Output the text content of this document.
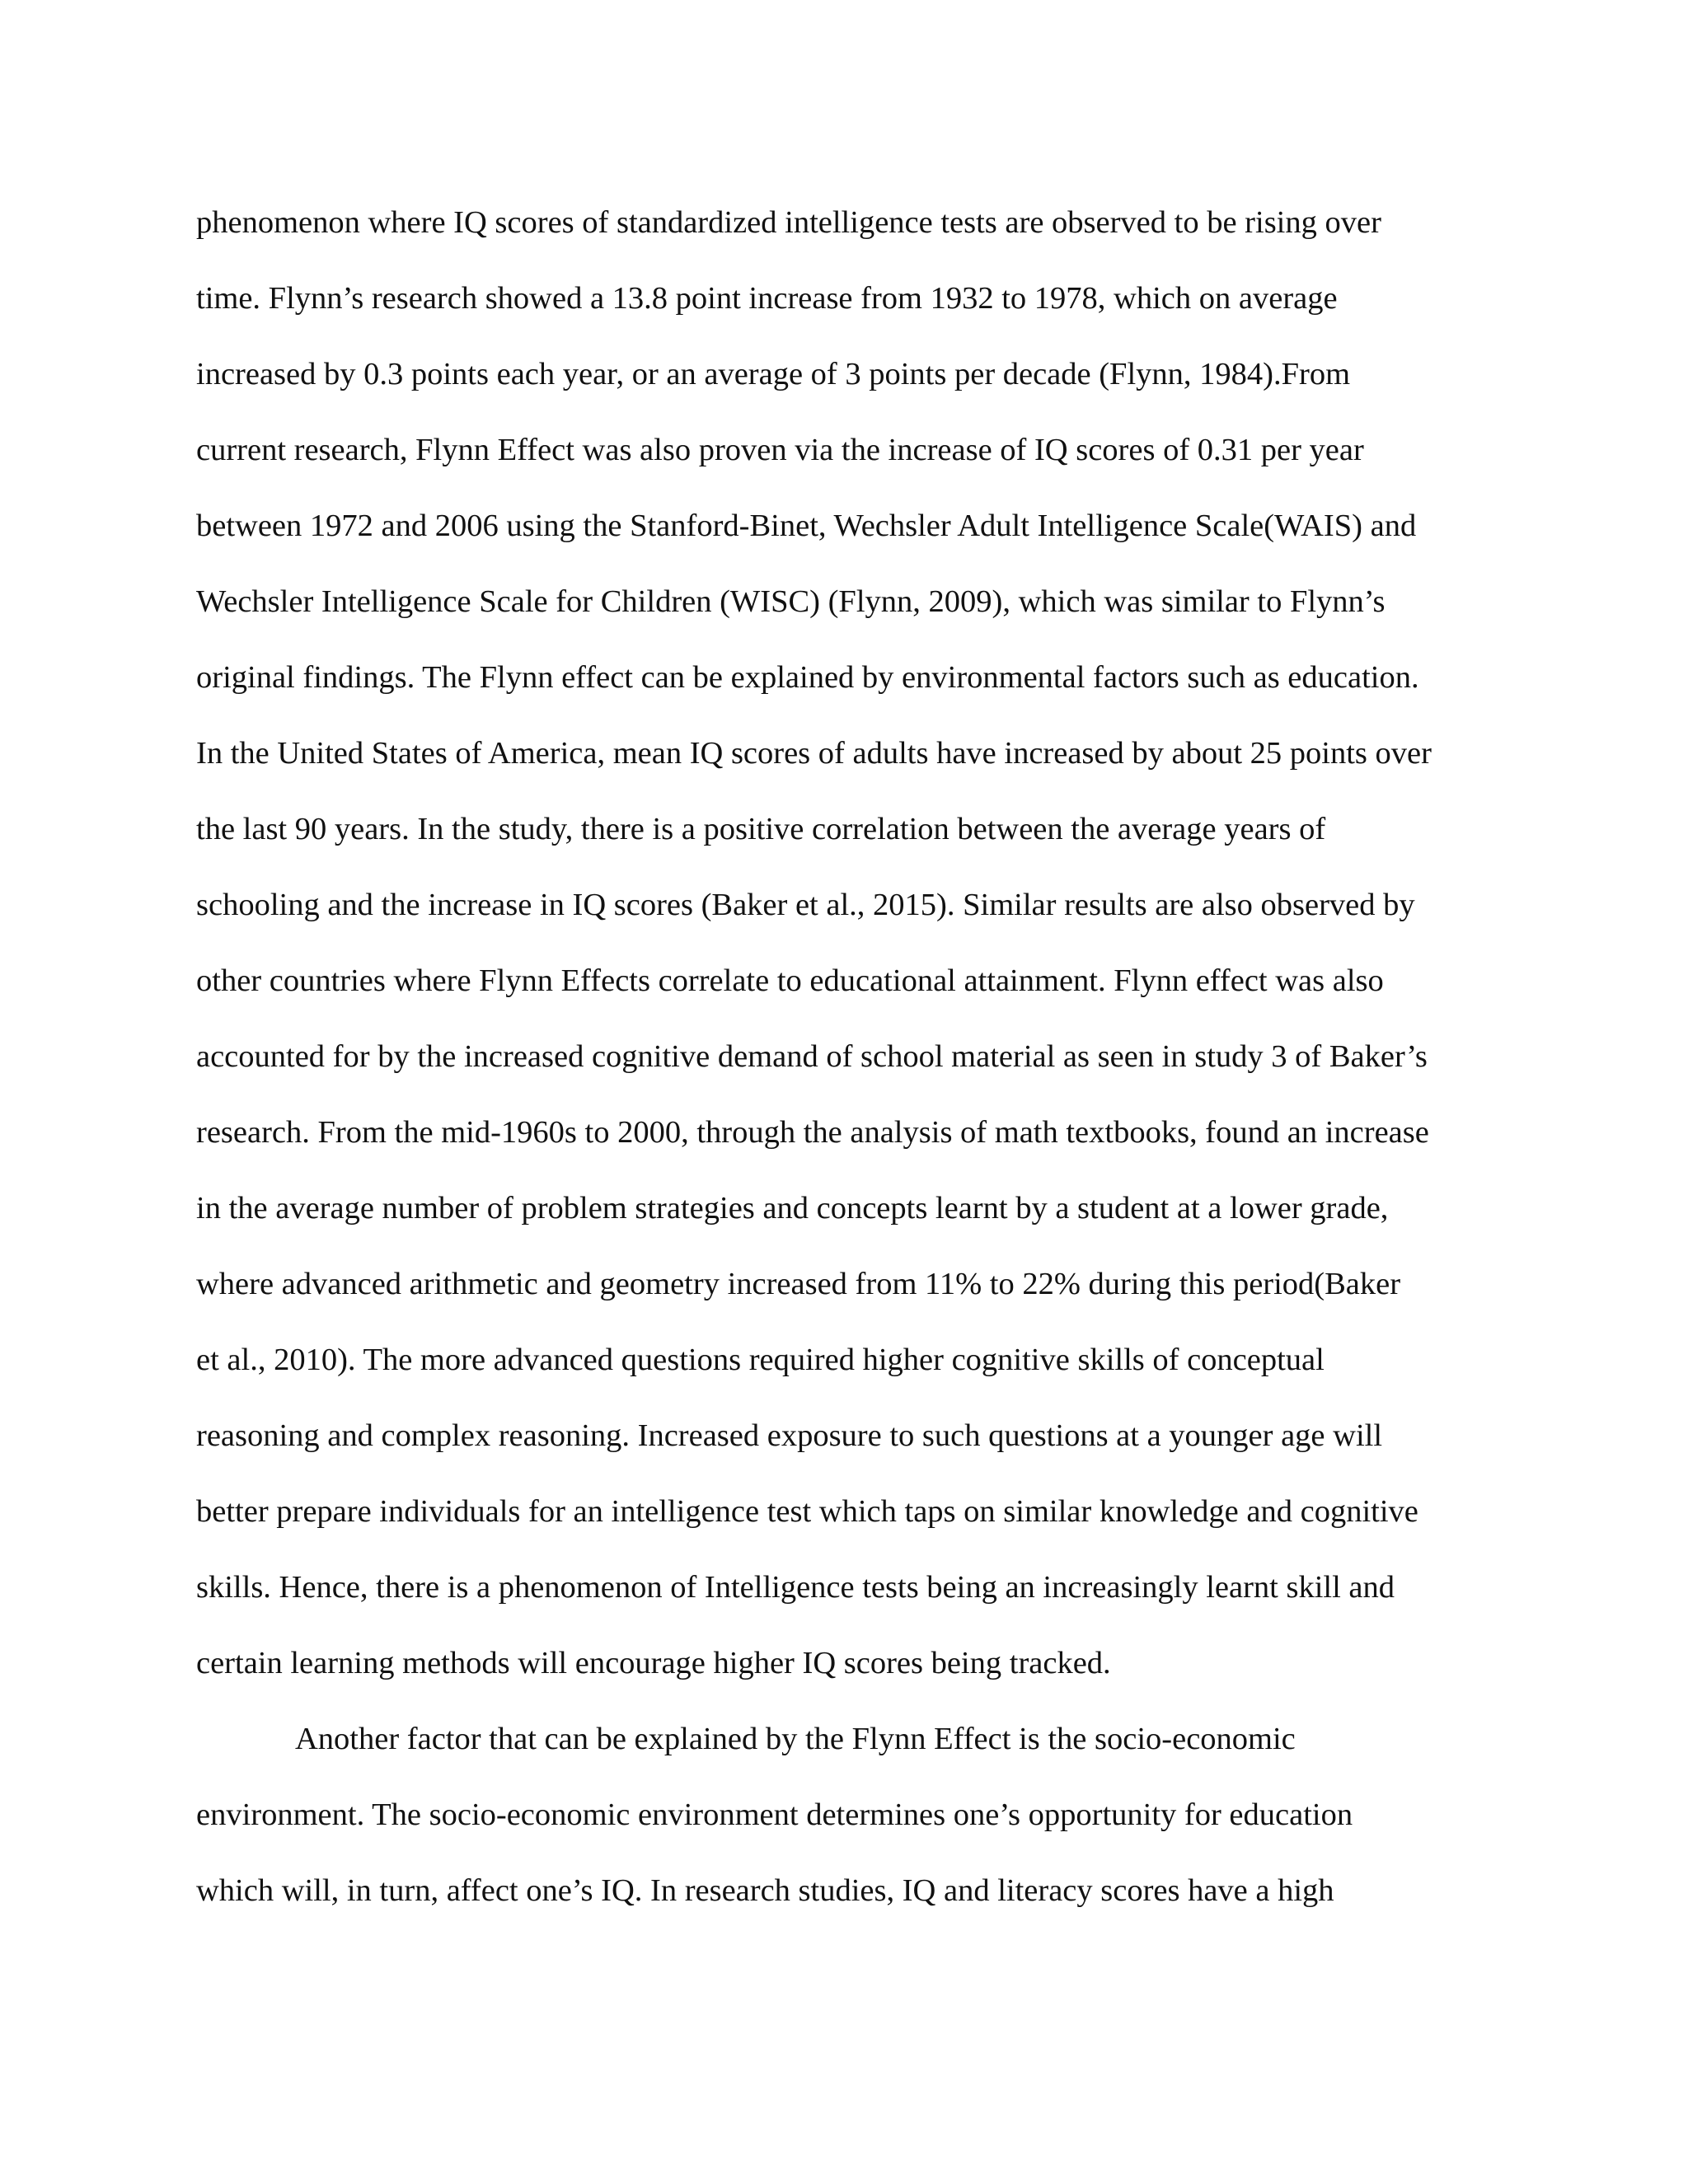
phenomenon where IQ scores of standardized intelligence tests are observed to be rising over
time. Flynn’s research showed a 13.8 point increase from 1932 to 1978, which on average
increased by 0.3 points each year, or an average of 3 points per decade (Flynn, 1984).From
current research, Flynn Effect was also proven via the increase of IQ scores of 0.31 per year
between 1972 and 2006 using the Stanford-Binet, Wechsler Adult Intelligence Scale(WAIS) and
Wechsler Intelligence Scale for Children (WISC) (Flynn, 2009), which was similar to Flynn’s
original findings. The Flynn effect can be explained by environmental factors such as education.
In the United States of America, mean IQ scores of adults have increased by about 25 points over
the last 90 years. In the study, there is a positive correlation between the average years of
schooling and the increase in IQ scores (Baker et al., 2015). Similar results are also observed by
other countries where Flynn Effects correlate to educational attainment. Flynn effect was also
accounted for by the increased cognitive demand of school material as seen in study 3 of Baker’s
research. From the mid-1960s to 2000, through the analysis of math textbooks, found an increase
in the average number of problem strategies and concepts learnt by a student at a lower grade,
where advanced arithmetic and geometry increased from 11% to 22% during this period(Baker
et al., 2010). The more advanced questions required higher cognitive skills of conceptual
reasoning and complex reasoning. Increased exposure to such questions at a younger age will
better prepare individuals for an intelligence test which taps on similar knowledge and cognitive
skills. Hence, there is a phenomenon of Intelligence tests being an increasingly learnt skill and
certain learning methods will encourage higher IQ scores being tracked.
Another factor that can be explained by the Flynn Effect is the socio-economic
environment. The socio-economic environment determines one’s opportunity for education
which will, in turn, affect one’s IQ. In research studies, IQ and literacy scores have a high
